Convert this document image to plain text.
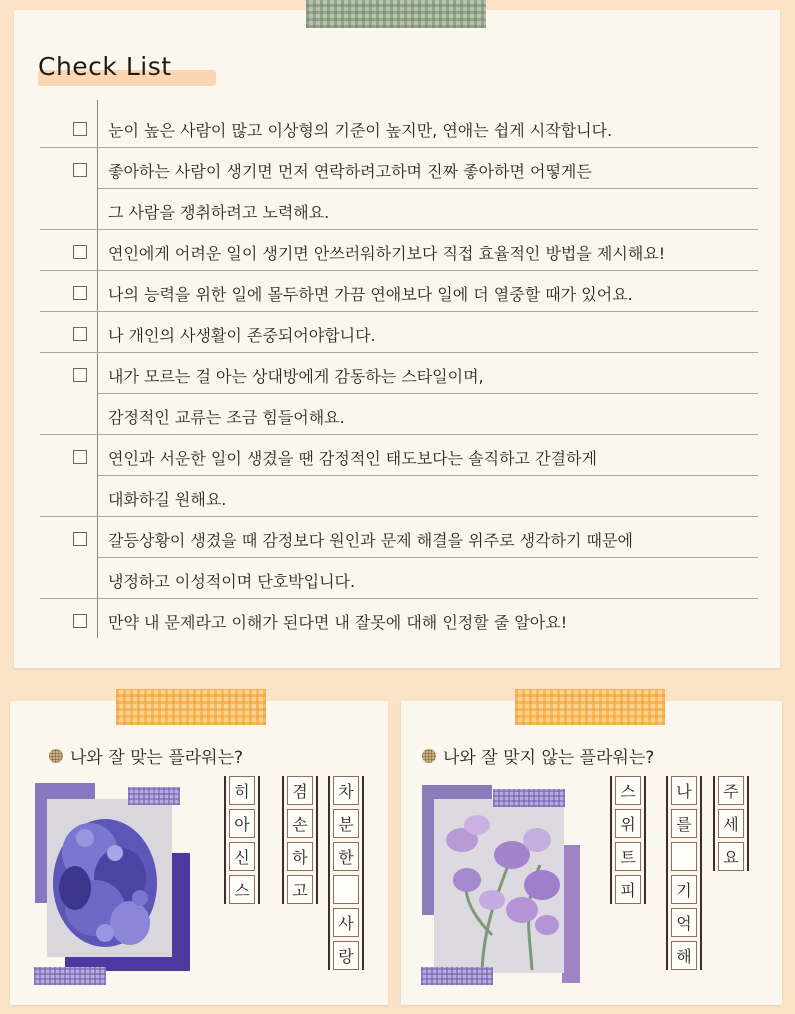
Check List
나와 잘 맞는 플라워는?
히
아
신
스
겸
손
하
고
차
분
한
사
랑
나와 잘 맞지 않는 플라워는?
스
위
트
피
나
를
기
억
해
주
세
요
눈이 높은 사람이 많고 이상형의 기준이 높지만, 연애는 쉽게 시작합니다.
좋아하는 사람이 생기면 먼저 연락하려고하며 진짜 좋아하면 어떻게든
그 사람을 쟁취하려고 노력해요.
연인에게 어려운 일이 생기면 안쓰러워하기보다 직접 효율적인 방법을 제시해요!
나의 능력을 위한 일에 몰두하면 가끔 연애보다 일에 더 열중할 때가 있어요.
나 개인의 사생활이 존중되어야합니다.
내가 모르는 걸 아는 상대방에게 감동하는 스타일이며,
감정적인 교류는 조금 힘들어해요.
연인과 서운한 일이 생겼을 땐 감정적인 태도보다는 솔직하고 간결하게
대화하길 원해요.
갈등상황이 생겼을 때 감정보다 원인과 문제 해결을 위주로 생각하기 때문에
냉정하고 이성적이며 단호박입니다.
만약 내 문제라고 이해가 된다면 내 잘못에 대해 인정할 줄 알아요!
